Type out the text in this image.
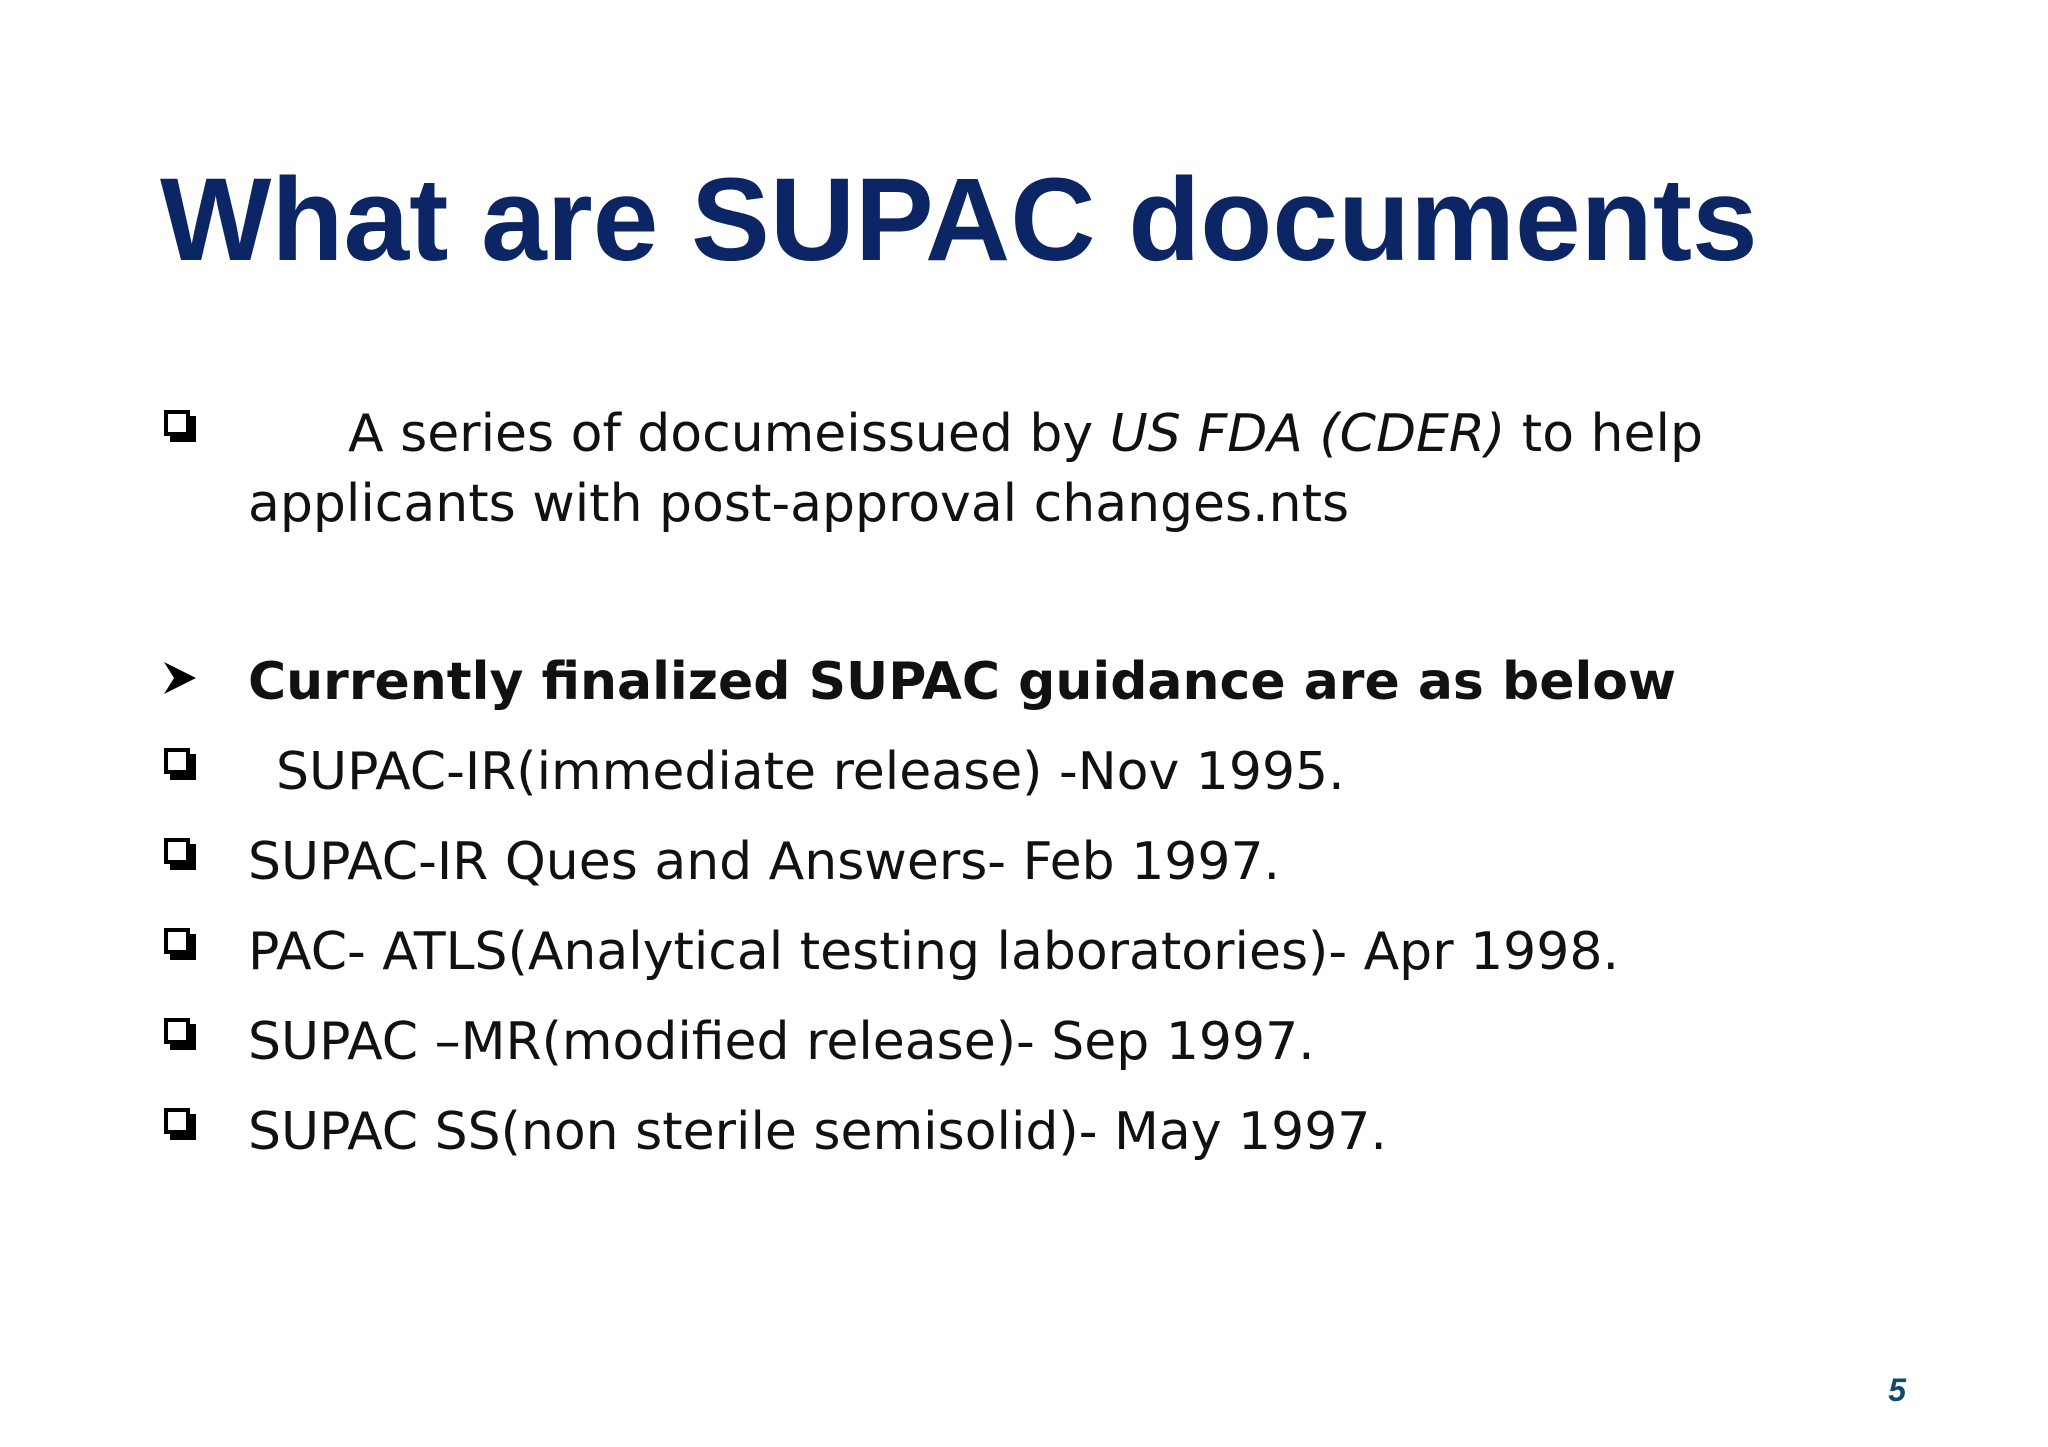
What are SUPAC documents
A series of documeissued by US FDA (CDER) to help
applicants with post-approval changes.nts
Currently finalized SUPAC guidance are as below
SUPAC-IR(immediate release) -Nov 1995.
SUPAC-IR Ques and Answers- Feb 1997.
PAC- ATLS(Analytical testing laboratories)- Apr 1998.
SUPAC –MR(modified release)- Sep 1997.
SUPAC SS(non sterile semisolid)- May 1997.
5
